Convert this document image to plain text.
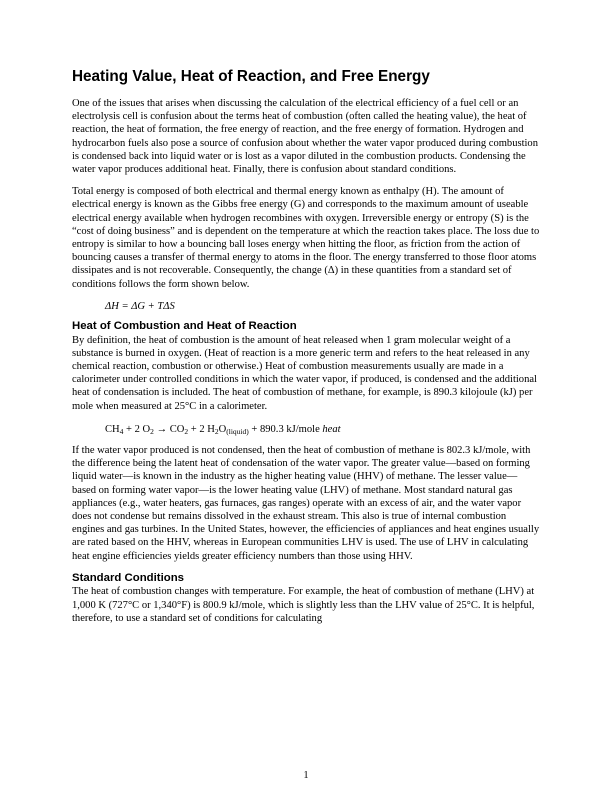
Heating Value, Heat of Reaction, and Free Energy

One of the issues that arises when discussing the calculation of the electrical efficiency of a fuel cell or an electrolysis cell is confusion about the terms heat of combustion (often called the heating value), the heat of reaction, the heat of formation, the free energy of reaction, and the free energy of formation. Hydrogen and hydrocarbon fuels also pose a source of confusion about whether the water vapor produced during combustion is condensed back into liquid water or is lost as a vapor diluted in the combustion products. Condensing the water vapor produces additional heat. Finally, there is confusion about standard conditions.

Total energy is composed of both electrical and thermal energy known as enthalpy (H). The amount of electrical energy is known as the Gibbs free energy (G) and corresponds to the maximum amount of useable electrical energy available when hydrogen recombines with oxygen. Irreversible energy or entropy (S) is the “cost of doing business” and is dependent on the temperature at which the reaction takes place. The loss due to entropy is similar to how a bouncing ball loses energy when hitting the floor, as friction from the action of bouncing causes a transfer of thermal energy to atoms in the floor. The energy transferred to those floor atoms dissipates and is not recoverable. Consequently, the change (Δ) in these quantities from a standard set of conditions follows the form shown below.

ΔH = ΔG + TΔS
Heat of Combustion and Heat of Reaction

By definition, the heat of combustion is the amount of heat released when 1 gram molecular weight of a substance is burned in oxygen. (Heat of reaction is a more generic term and refers to the heat released in any chemical reaction, combustion or otherwise.) Heat of combustion measurements usually are made in a calorimeter under controlled conditions in which the water vapor, if produced, is condensed and the additional heat of condensation is included. The heat of combustion of methane, for example, is 890.3 kilojoule (kJ) per mole when measured at 25°C in a calorimeter.

$CH_4 + 2$ $O_2 \to CO_2 + 2$ $H_2O_{(liquid)} + 890.3$ kJ/mole heat

If the water vapor produced is not condensed, then the heat of combustion of methane is 802.3 kJ/mole, with the difference being the latent heat of condensation of the water vapor. The greater value—based on forming liquid water—is known in the industry as the higher heating value (HHV) of methane. The lesser value—based on forming water vapor—is the lower heating value (LHV) of methane. Most standard natural gas appliances (e.g., water heaters, gas furnaces, gas ranges) operate with an excess of air, and the water vapor does not condense but remains dissolved in the exhaust stream. This also is true of internal combustion engines and gas turbines. In the United States, however, the efficiencies of appliances and heat engines usually are rated based on the HHV, whereas in European communities LHV is used. The use of LHV in calculating heat engine efficiencies yields greater efficiency numbers than those using HHV.

Standard Conditions

The heat of combustion changes with temperature. For example, the heat of combustion of methane (LHV) at 1,000 K (727°C or 1,340°F) is 800.9 kJ/mole, which is slightly less than the LHV value of 25°C. It is helpful, therefore, to use a standard set of conditions for calculating

1
